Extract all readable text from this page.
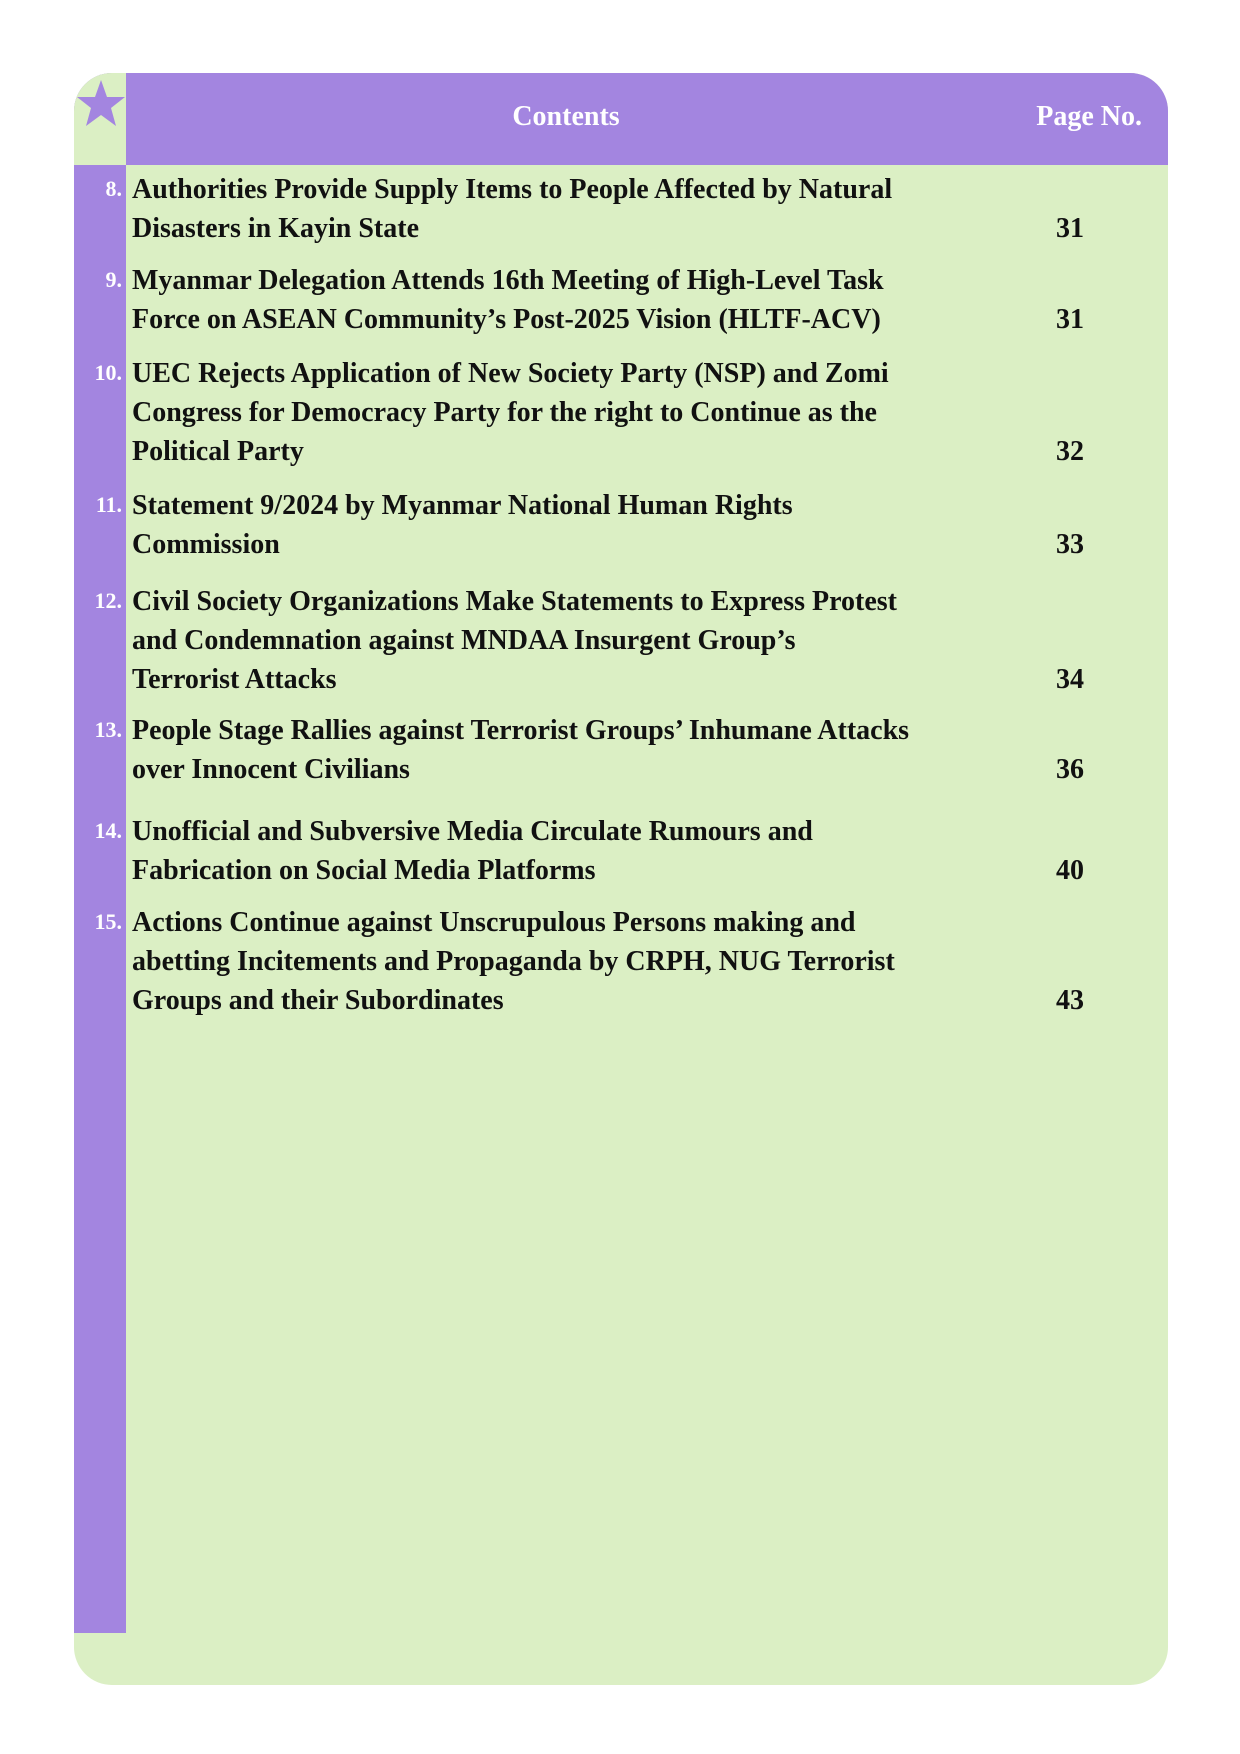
Contents	Page No.
8. Authorities Provide Supply Items to People Affected by Natural
Disasters in Kayin State	31
9. Myanmar Delegation Attends 16th Meeting of High-Level Task
Force on ASEAN Community’s Post-2025 Vision (HLTF-ACV)	31
10. UEC Rejects Application of New Society Party (NSP) and Zomi
Congress for Democracy Party for the right to Continue as the
Political Party	32
11. Statement 9/2024 by Myanmar National Human Rights
Commission	33
12. Civil Society Organizations Make Statements to Express Protest
and Condemnation against MNDAA Insurgent Group’s
Terrorist Attacks	34
13. People Stage Rallies against Terrorist Groups’ Inhumane Attacks
over Innocent Civilians	36
14. Unofficial and Subversive Media Circulate Rumours and
Fabrication on Social Media Platforms	40
15. Actions Continue against Unscrupulous Persons making and
abetting Incitements and Propaganda by CRPH, NUG Terrorist
Groups and their Subordinates	43
